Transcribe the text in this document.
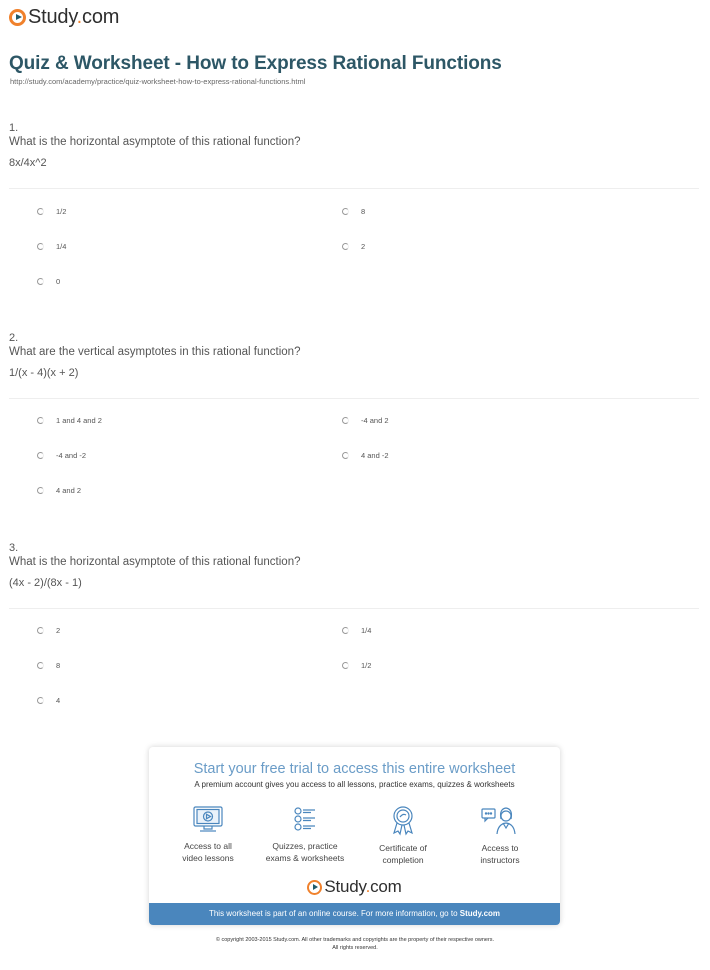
Study.com
Quiz & Worksheet - How to Express Rational Functions
http://study.com/academy/practice/quiz-worksheet-how-to-express-rational-functions.html
1.
What is the horizontal asymptote of this rational function?
8x/4x^2
1/2	8
1/4	2
0
2.
What are the vertical asymptotes in this rational function?
1/(x - 4)(x + 2)
1 and 4 and 2	-4 and 2
-4 and -2	4 and -2
4 and 2
3.
What is the horizontal asymptote of this rational function?
(4x - 2)/(8x - 1)
2	1/4
8	1/2
4
Start your free trial to access this entire worksheet
A premium account gives you access to all lessons, practice exams, quizzes & worksheets
Access to all
video lessons
Quizzes, practice
exams & worksheets
Certificate of
completion
Access to
instructors
Study.com
This worksheet is part of an online course. For more information, go to Study.com
© copyright 2003-2015 Study.com. All other trademarks and copyrights are the property of their respective owners.
All rights reserved.
